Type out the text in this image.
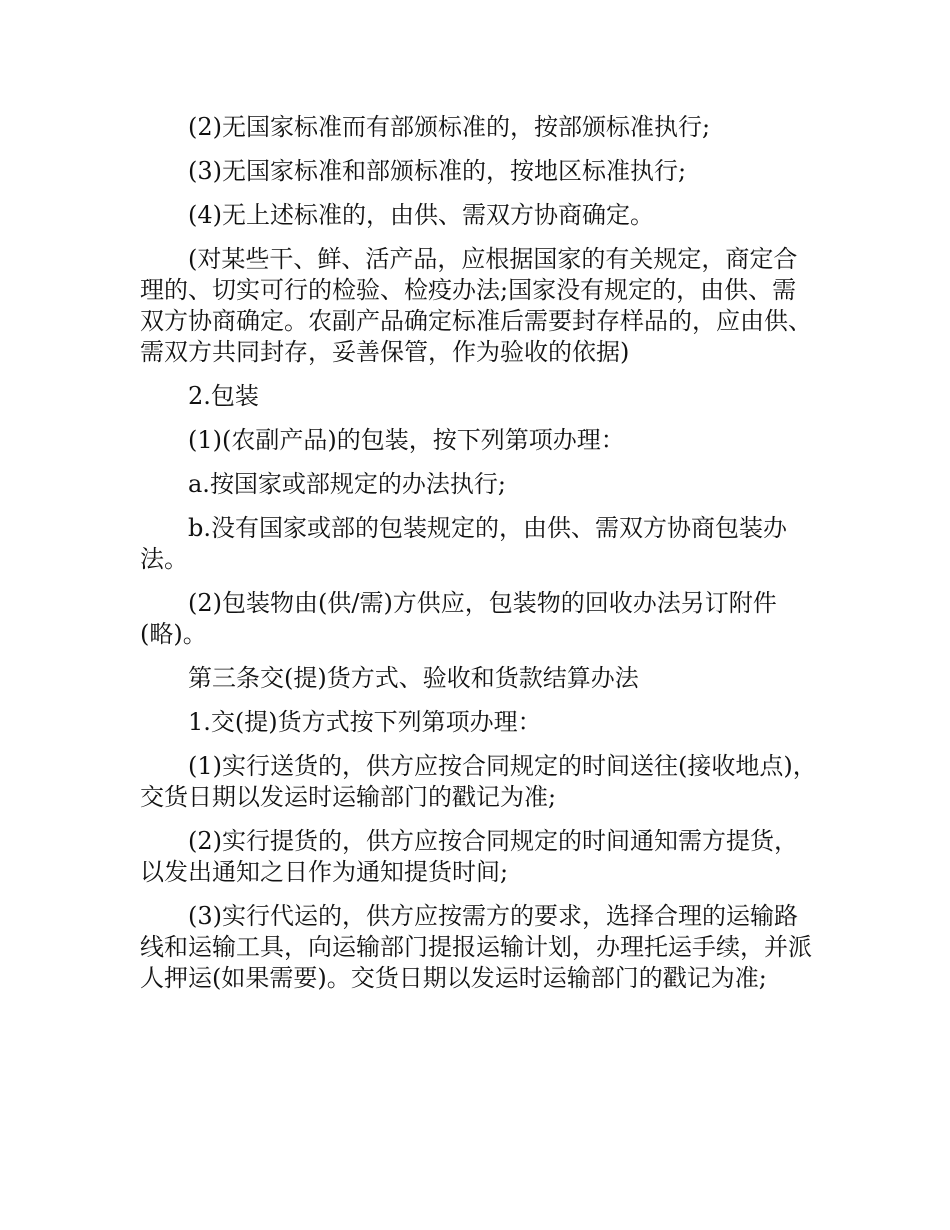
(2)无国家标准而有部颁标准的，按部颁标准执行;

(3)无国家标准和部颁标准的，按地区标准执行;

(4)无上述标准的，由供、需双方协商确定。

(对某些干、鲜、活产品，应根据国家的有关规定，商定合理的、切实可行的检验、检疫办法;国家没有规定的，由供、需双方协商确定。农副产品确定标准后需要封存样品的，应由供、需双方共同封存，妥善保管，作为验收的依据)

2.包装

(1)(农副产品)的包装，按下列第项办理：

a.按国家或部规定的办法执行;

b.没有国家或部的包装规定的，由供、需双方协商包装办法。

(2)包装物由(供/需)方供应，包装物的回收办法另订附件(略)。

第三条交(提)货方式、验收和货款结算办法

1.交(提)货方式按下列第项办理：

(1)实行送货的，供方应按合同规定的时间送往(接收地点)，交货日期以发运时运输部门的戳记为准;

(2)实行提货的，供方应按合同规定的时间通知需方提货，以发出通知之日作为通知提货时间;

(3)实行代运的，供方应按需方的要求，选择合理的运输路线和运输工具，向运输部门提报运输计划，办理托运手续，并派人押运(如果需要)。交货日期以发运时运输部门的戳记为准;
